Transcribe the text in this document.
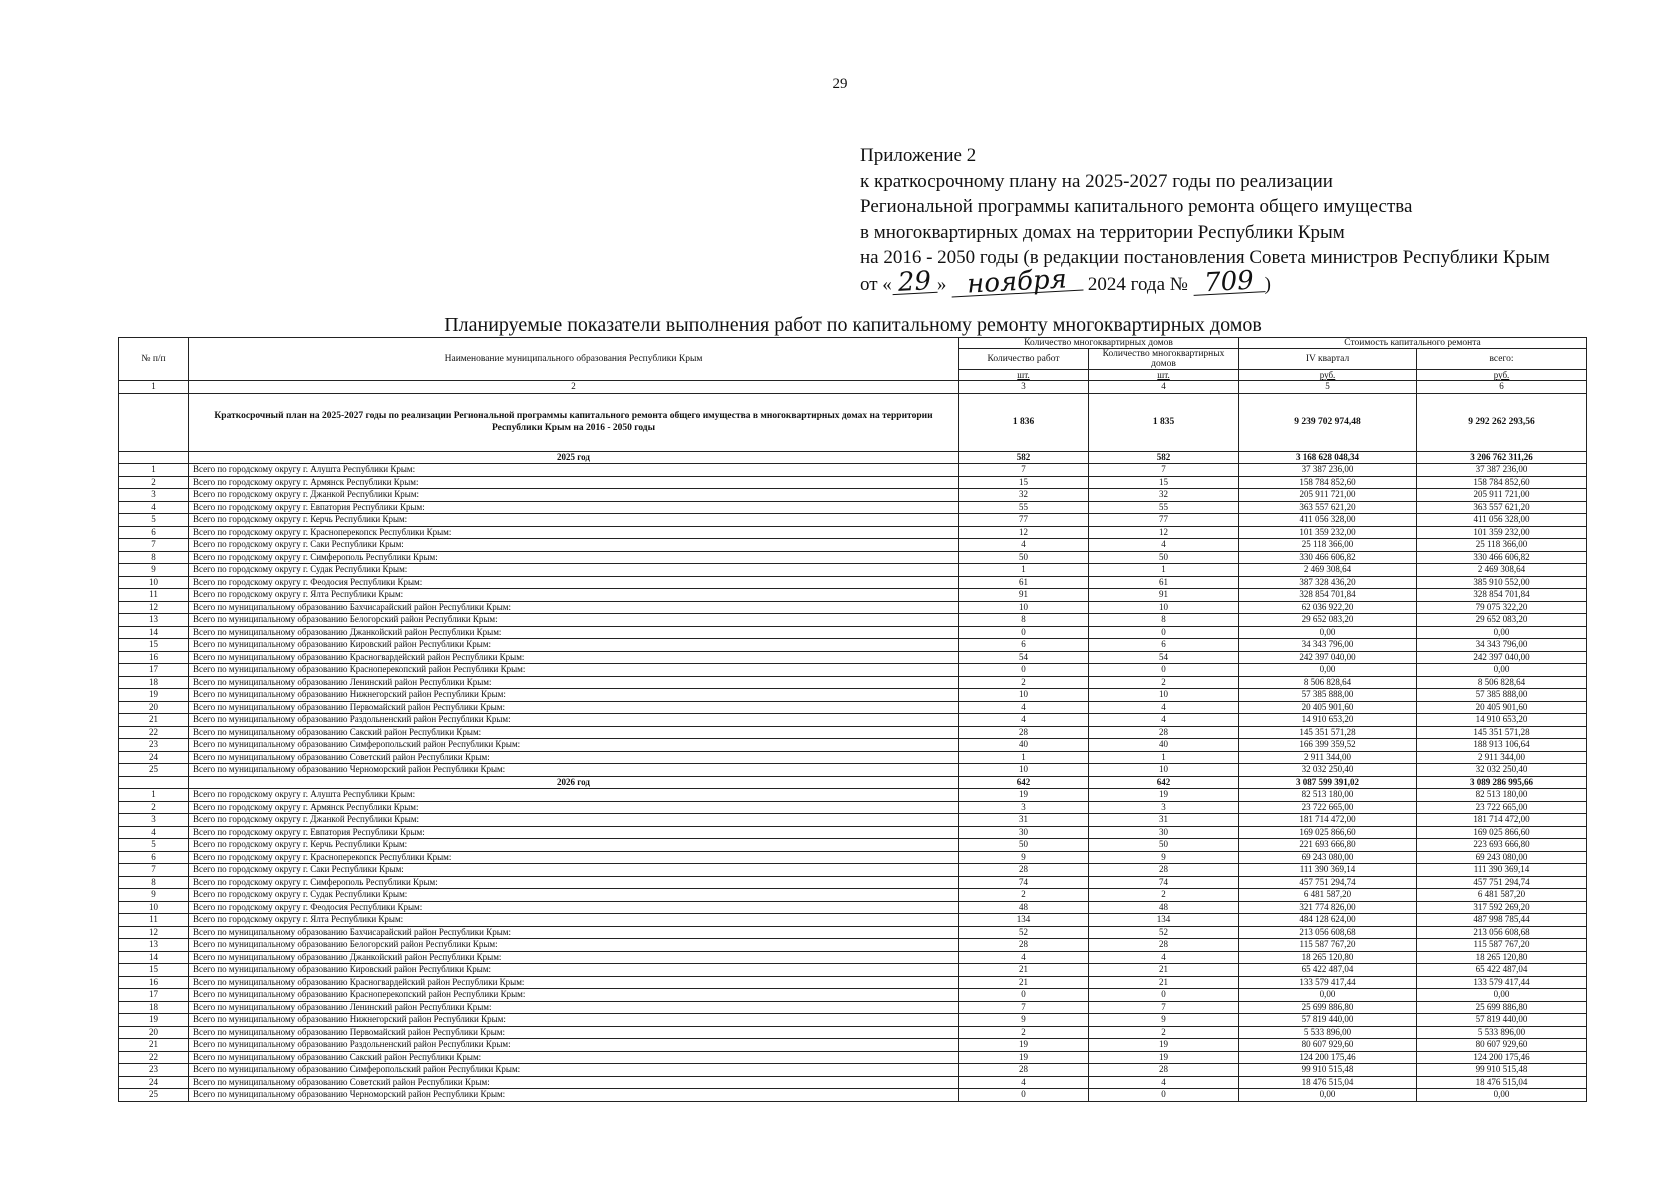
29
Приложение 2
к краткосрочному плану на 2025-2027 годы по реализации
Региональной программы капитального ремонта общего имущества
в многоквартирных домах на территории Республики Крым
на 2016 - 2050 годы (в редакции постановления Совета министров Республики Крым
от « 29 » ноября 2024 года № 709 )
Планируемые показатели выполнения работ по капитальному ремонту многоквартирных домов
№ п/п	Наименование муниципального образования Республики Крым	Количество многоквартирных домов		Стоимость капитального ремонта	
		Количество работ	Количество многоквартирных домов	IV квартал	всего:
		шт.	шт.	руб.	руб.
1	2	3	4	5	6
	Краткосрочный план на 2025-2027 годы по реализации Региональной программы капитального ремонта общего имущества в многоквартирных домах на территории Республики Крым на 2016 - 2050 годы	1 836	1 835	9 239 702 974,48	9 292 262 293,56
	2025 год	582	582	3 168 628 048,34	3 206 762 311,26
1	Всего по городскому округу г. Алушта Республики Крым:	7	7	37 387 236,00	37 387 236,00
2	Всего по городскому округу г. Армянск Республики Крым:	15	15	158 784 852,60	158 784 852,60
3	Всего по городскому округу г. Джанкой Республики Крым:	32	32	205 911 721,00	205 911 721,00
4	Всего по городскому округу г. Евпатория Республики Крым:	55	55	363 557 621,20	363 557 621,20
5	Всего по городскому округу г. Керчь Республики Крым:	77	77	411 056 328,00	411 056 328,00
6	Всего по городскому округу г. Красноперекопск Республики Крым:	12	12	101 359 232,00	101 359 232,00
7	Всего по городскому округу г. Саки Республики Крым:	4	4	25 118 366,00	25 118 366,00
8	Всего по городскому округу г. Симферополь Республики Крым:	50	50	330 466 606,82	330 466 606,82
9	Всего по городскому округу г. Судак Республики Крым:	1	1	2 469 308,64	2 469 308,64
10	Всего по городскому округу г. Феодосия Республики Крым:	61	61	387 328 436,20	385 910 552,00
11	Всего по городскому округу г. Ялта Республики Крым:	91	91	328 854 701,84	328 854 701,84
12	Всего по муниципальному образованию Бахчисарайский район Республики Крым:	10	10	62 036 922,20	79 075 322,20
13	Всего по муниципальному образованию Белогорский район Республики Крым:	8	8	29 652 083,20	29 652 083,20
14	Всего по муниципальному образованию Джанкойский район Республики Крым:	0	0	0,00	0,00
15	Всего по муниципальному образованию Кировский район Республики Крым:	6	6	34 343 796,00	34 343 796,00
16	Всего по муниципальному образованию Красногвардейский район Республики Крым:	54	54	242 397 040,00	242 397 040,00
17	Всего по муниципальному образованию Красноперекопский район Республики Крым:	0	0	0,00	0,00
18	Всего по муниципальному образованию Ленинский район Республики Крым:	2	2	8 506 828,64	8 506 828,64
19	Всего по муниципальному образованию Нижнегорский район Республики Крым:	10	10	57 385 888,00	57 385 888,00
20	Всего по муниципальному образованию Первомайский район Республики Крым:	4	4	20 405 901,60	20 405 901,60
21	Всего по муниципальному образованию Раздольненский район Республики Крым:	4	4	14 910 653,20	14 910 653,20
22	Всего по муниципальному образованию Сакский район Республики Крым:	28	28	145 351 571,28	145 351 571,28
23	Всего по муниципальному образованию Симферопольский район Республики Крым:	40	40	166 399 359,52	188 913 106,64
24	Всего по муниципальному образованию Советский район Республики Крым:	1	1	2 911 344,00	2 911 344,00
25	Всего по муниципальному образованию Черноморский район Республики Крым:	10	10	32 032 250,40	32 032 250,40
	2026 год	642	642	3 087 599 391,02	3 089 286 995,66
1	Всего по городскому округу г. Алушта Республики Крым:	19	19	82 513 180,00	82 513 180,00
2	Всего по городскому округу г. Армянск Республики Крым:	3	3	23 722 665,00	23 722 665,00
3	Всего по городскому округу г. Джанкой Республики Крым:	31	31	181 714 472,00	181 714 472,00
4	Всего по городскому округу г. Евпатория Республики Крым:	30	30	169 025 866,60	169 025 866,60
5	Всего по городскому округу г. Керчь Республики Крым:	50	50	221 693 666,80	223 693 666,80
6	Всего по городскому округу г. Красноперекопск Республики Крым:	9	9	69 243 080,00	69 243 080,00
7	Всего по городскому округу г. Саки Республики Крым:	28	28	111 390 369,14	111 390 369,14
8	Всего по городскому округу г. Симферополь Республики Крым:	74	74	457 751 294,74	457 751 294,74
9	Всего по городскому округу г. Судак Республики Крым:	2	2	6 481 587,20	6 481 587,20
10	Всего по городскому округу г. Феодосия Республики Крым:	48	48	321 774 826,00	317 592 269,20
11	Всего по городскому округу г. Ялта Республики Крым:	134	134	484 128 624,00	487 998 785,44
12	Всего по муниципальному образованию Бахчисарайский район Республики Крым:	52	52	213 056 608,68	213 056 608,68
13	Всего по муниципальному образованию Белогорский район Республики Крым:	28	28	115 587 767,20	115 587 767,20
14	Всего по муниципальному образованию Джанкойский район Республики Крым:	4	4	18 265 120,80	18 265 120,80
15	Всего по муниципальному образованию Кировский район Республики Крым:	21	21	65 422 487,04	65 422 487,04
16	Всего по муниципальному образованию Красногвардейский район Республики Крым:	21	21	133 579 417,44	133 579 417,44
17	Всего по муниципальному образованию Красноперекопский район Республики Крым:	0	0	0,00	0,00
18	Всего по муниципальному образованию Ленинский район Республики Крым:	7	7	25 699 886,80	25 699 886,80
19	Всего по муниципальному образованию Нижнегорский район Республики Крым:	9	9	57 819 440,00	57 819 440,00
20	Всего по муниципальному образованию Первомайский район Республики Крым:	2	2	5 533 896,00	5 533 896,00
21	Всего по муниципальному образованию Раздольненский район Республики Крым:	19	19	80 607 929,60	80 607 929,60
22	Всего по муниципальному образованию Сакский район Республики Крым:	19	19	124 200 175,46	124 200 175,46
23	Всего по муниципальному образованию Симферопольский район Республики Крым:	28	28	99 910 515,48	99 910 515,48
24	Всего по муниципальному образованию Советский район Республики Крым:	4	4	18 476 515,04	18 476 515,04
25	Всего по муниципальному образованию Черноморский район Республики Крым:	0	0	0,00	0,00
